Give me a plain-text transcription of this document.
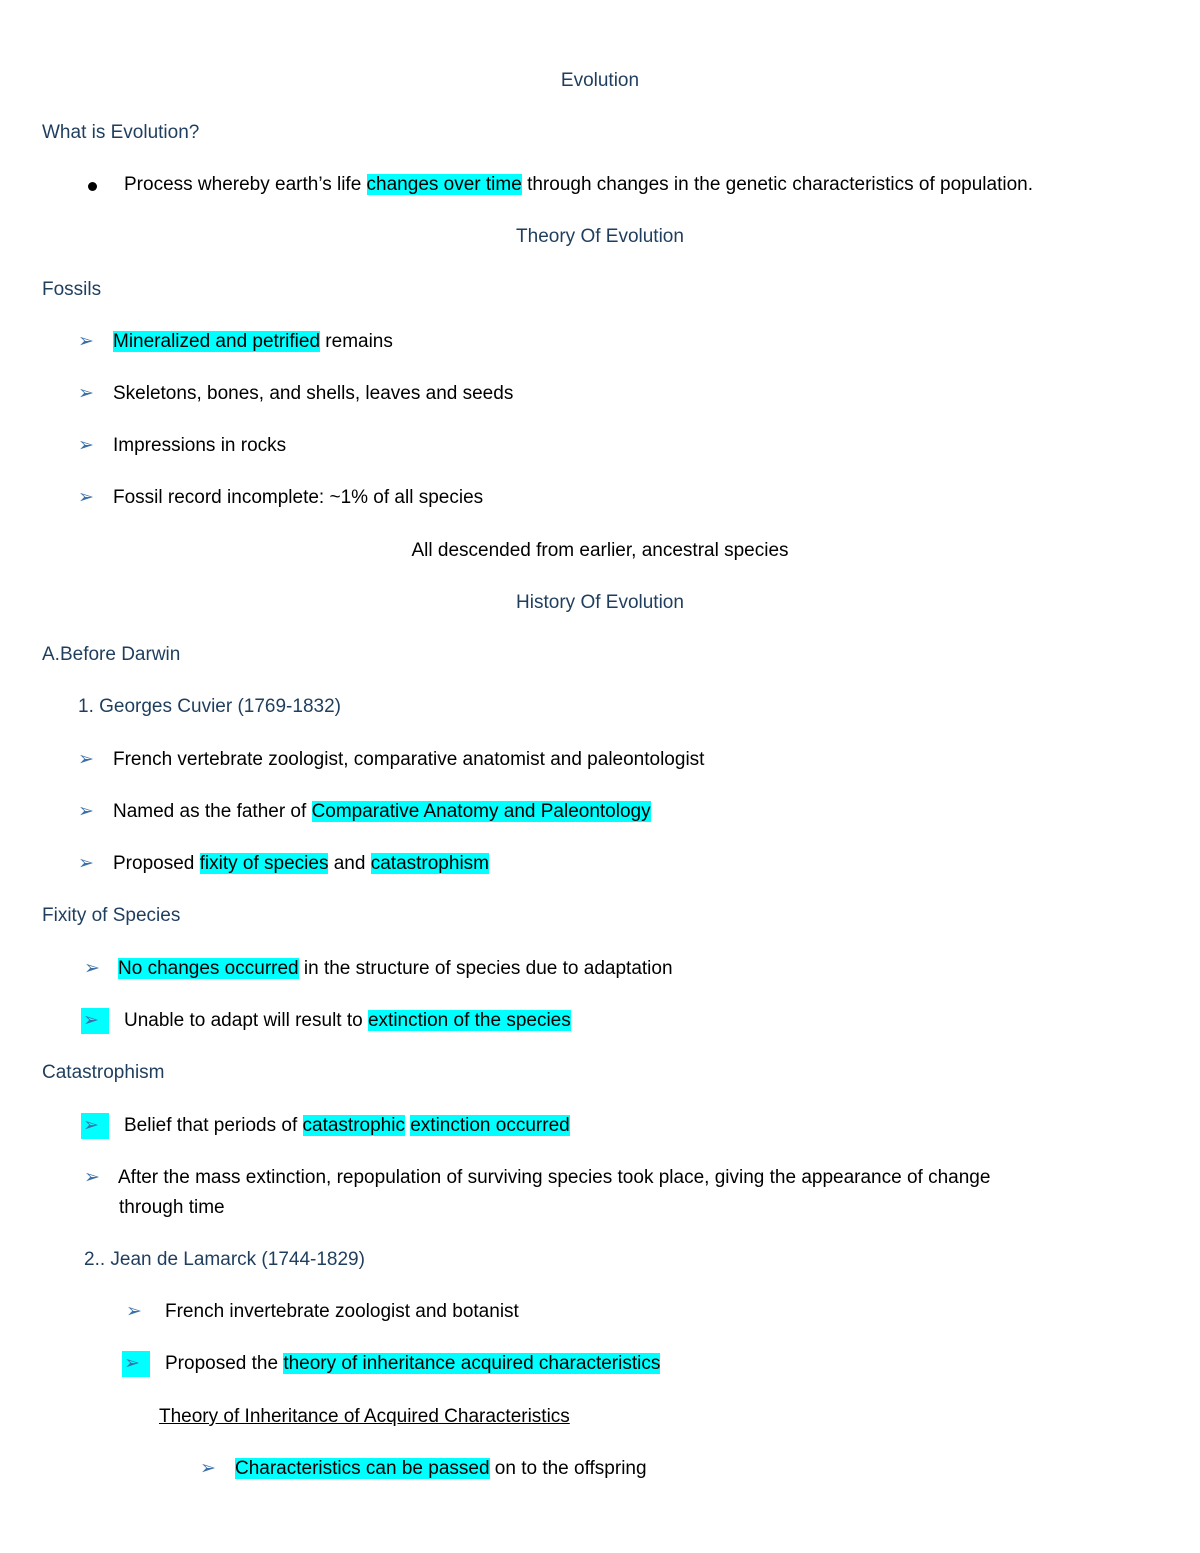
Evolution
What is Evolution?
Process whereby earth’s life changes over time through changes in the genetic characteristics of population.
Theory Of Evolution
Fossils
➢ Mineralized and petrified remains
➢ Skeletons, bones, and shells, leaves and seeds
➢ Impressions in rocks
➢ Fossil record incomplete: ~1% of all species
All descended from earlier, ancestral species
History Of Evolution
A.Before Darwin
1. Georges Cuvier (1769-1832)
➢ French vertebrate zoologist, comparative anatomist and paleontologist
➢ Named as the father of Comparative Anatomy and Paleontology
➢ Proposed fixity of species and catastrophism
Fixity of Species
➢ No changes occurred in the structure of species due to adaptation
➢	Unable to adapt will result to extinction of the species
Catastrophism
➢	Belief that periods of catastrophic extinction occurred
➢ After the mass extinction, repopulation of surviving species took place, giving the appearance of change
through time
2.. Jean de Lamarck (1744-1829)
➢ French invertebrate zoologist and botanist
➢	Proposed the theory of inheritance acquired characteristics
Theory of Inheritance of Acquired Characteristics
➢ Characteristics can be passed on to the offspring
